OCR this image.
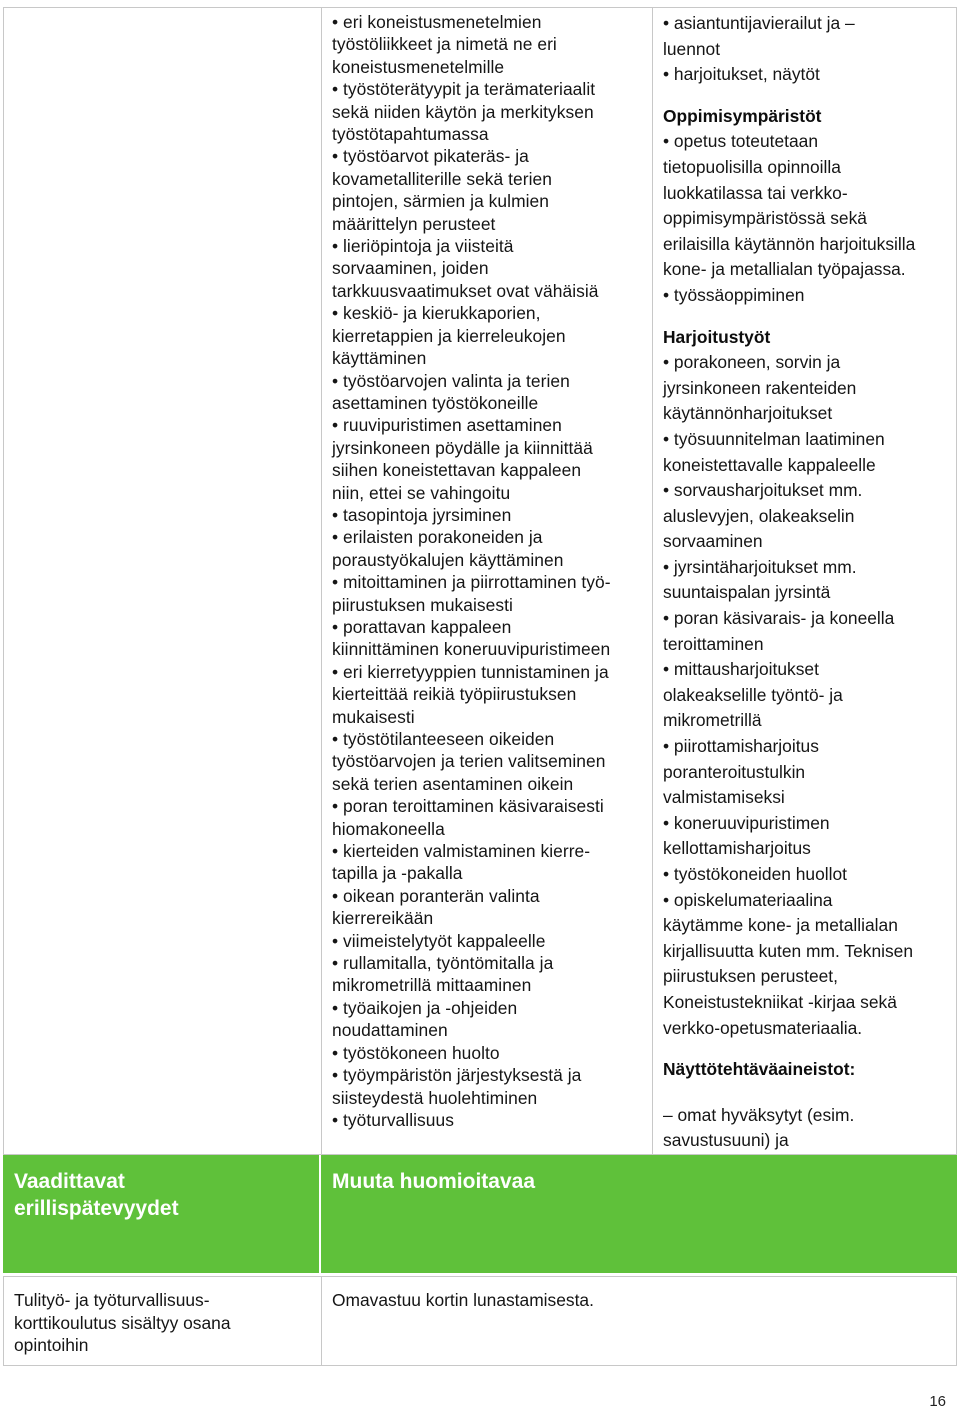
• eri koneistusmenetelmien
työstöliikkeet ja nimetä ne eri
koneistusmenetelmille
• työstöterätyypit ja terämateriaalit
sekä niiden käytön ja merkityksen
työstötapahtumassa
• työstöarvot pikateräs- ja
kovametalliterille sekä terien
pintojen, särmien ja kulmien
määrittelyn perusteet
• lieriöpintoja ja viisteitä
sorvaaminen, joiden
tarkkuusvaatimukset ovat vähäisiä
• keskiö- ja kierukkaporien,
kierretappien ja kierreleukojen
käyttäminen
• työstöarvojen valinta ja terien
asettaminen työstökoneille
• ruuvipuristimen asettaminen
jyrsinkoneen pöydälle ja kiinnittää
siihen koneistettavan kappaleen
niin, ettei se vahingoitu
• tasopintoja jyrsiminen
• erilaisten porakoneiden ja
poraustyökalujen käyttäminen
• mitoittaminen ja piirrottaminen työ-
piirustuksen mukaisesti
• porattavan kappaleen
kiinnittäminen koneruuvipuristimeen
• eri kierretyyppien tunnistaminen ja
kierteittää reikiä työpiirustuksen
mukaisesti
• työstötilanteeseen oikeiden
työstöarvojen ja terien valitseminen
sekä terien asentaminen oikein
• poran teroittaminen käsivaraisesti
hiomakoneella
• kierteiden valmistaminen kierre-
tapilla ja -pakalla
• oikean poranterän valinta
kierrereikään
• viimeistelytyöt kappaleelle
• rullamitalla, työntömitalla ja
mikrometrillä mittaaminen
• työaikojen ja -ohjeiden
noudattaminen
• työstökoneen huolto
• työympäristön järjestyksestä ja
siisteydestä huolehtiminen
• työturvallisuus
• asiantuntijavierailut ja –
luennot
• harjoitukset, näytöt
Oppimisympäristöt
• opetus toteutetaan
tietopuolisilla opinnoilla
luokkatilassa tai verkko-
oppimisympäristössä sekä
erilaisilla käytännön harjoituksilla
kone- ja metallialan työpajassa.
• työssäoppiminen
Harjoitustyöt
• porakoneen, sorvin ja
jyrsinkoneen rakenteiden
käytännönharjoitukset
• työsuunnitelman laatiminen
koneistettavalle kappaleelle
• sorvausharjoitukset mm.
aluslevyjen, olakeakselin
sorvaaminen
• jyrsintäharjoitukset mm.
suuntaispalan jyrsintä
• poran käsivarais- ja koneella
teroittaminen
• mittausharjoitukset
olakeakselille työntö- ja
mikrometrillä
• piirottamisharjoitus
poranteroitustulkin
valmistamiseksi
• koneruuvipuristimen
kellottamisharjoitus
• työstökoneiden huollot
• opiskelumateriaalina
käytämme kone- ja metallialan
kirjallisuutta kuten mm. Teknisen
piirustuksen perusteet,
Koneistustekniikat -kirjaa sekä
verkko-opetusmateriaalia.
Näyttötehtäväaineistot:
– omat hyväksytyt (esim.
savustusuuni) ja
Vaadittavat erillispätevyydet
Muuta huomioitavaa
Tulityö- ja työturvallisuus-korttikoulutus sisältyy osana opintoihin
Omavastuu kortin lunastamisesta.
16
